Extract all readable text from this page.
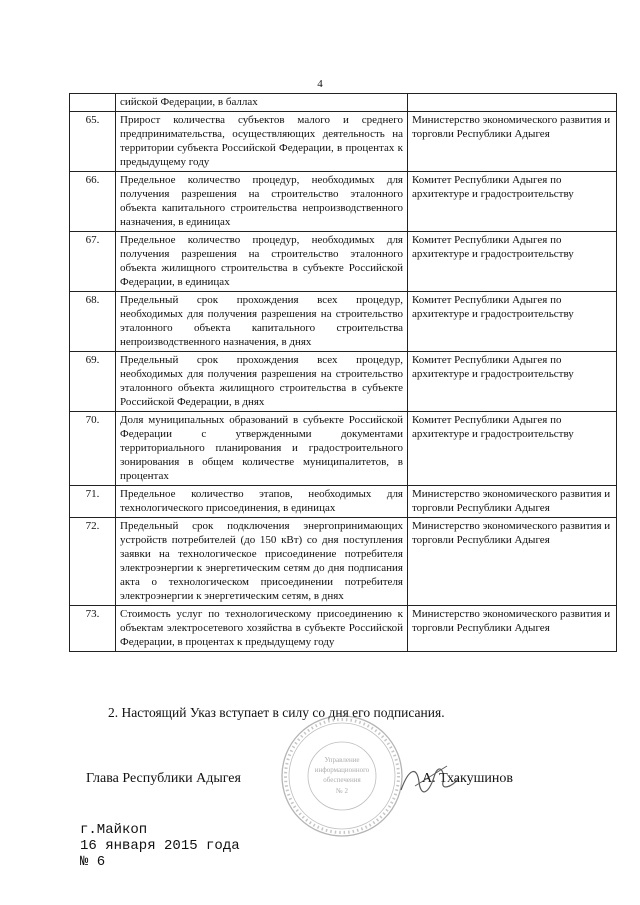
4
	сийской Федерации, в баллах	
65.	Прирост количества субъектов малого и среднего предпринимательства, осуществляющих деятельность на территории субъекта Российской Федерации, в процентах к предыдущему году	Министерство экономического развития и торговли Республики Адыгея
66.	Предельное количество процедур, необходимых для получения разрешения на строительство эталонного объекта капитального строительства непроизводственного назначения, в единицах	Комитет Республики Адыгея по архитектуре и градостроительству
67.	Предельное количество процедур, необходимых для получения разрешения на строительство эталонного объекта жилищного строительства в субъекте Российской Федерации, в единицах	Комитет Республики Адыгея по архитектуре и градостроительству
68.	Предельный срок прохождения всех процедур, необходимых для получения разрешения на строительство эталонного объекта капитального строительства непроизводственного назначения, в днях	Комитет Республики Адыгея по архитектуре и градостроительству
69.	Предельный срок прохождения всех процедур, необходимых для получения разрешения на строительство эталонного объекта жилищного строительства в субъекте Российской Федерации, в днях	Комитет Республики Адыгея по архитектуре и градостроительству
70.	Доля муниципальных образований в субъекте Российской Федерации с утвержденными документами территориального планирования и градостроительного зонирования в общем количестве муниципалитетов, в процентах	Комитет Республики Адыгея по архитектуре и градостроительству
71.	Предельное количество этапов, необходимых для технологического присоединения, в единицах	Министерство экономического развития и торговли Республики Адыгея
72.	Предельный срок подключения энергопринимающих устройств потребителей (до 150 кВт) со дня поступления заявки на технологическое присоединение потребителя электроэнергии к энергетическим сетям до дня подписания акта о технологическом присоединении потребителя электроэнергии к энергетическим сетям, в днях	Министерство экономического развития и торговли Республики Адыгея
73.	Стоимость услуг по технологическому присоединению к объектам электросетевого хозяйства в субъекте Российской Федерации, в процентах к предыдущему году	Министерство экономического развития и торговли Республики Адыгея
2. Настоящий Указ вступает в силу со дня его подписания.
Управление
информационного
обеспечения
№ 2
Глава Республики Адыгея	А. Тхакушинов
г.Майкоп
16 января 2015 года
№ 6
